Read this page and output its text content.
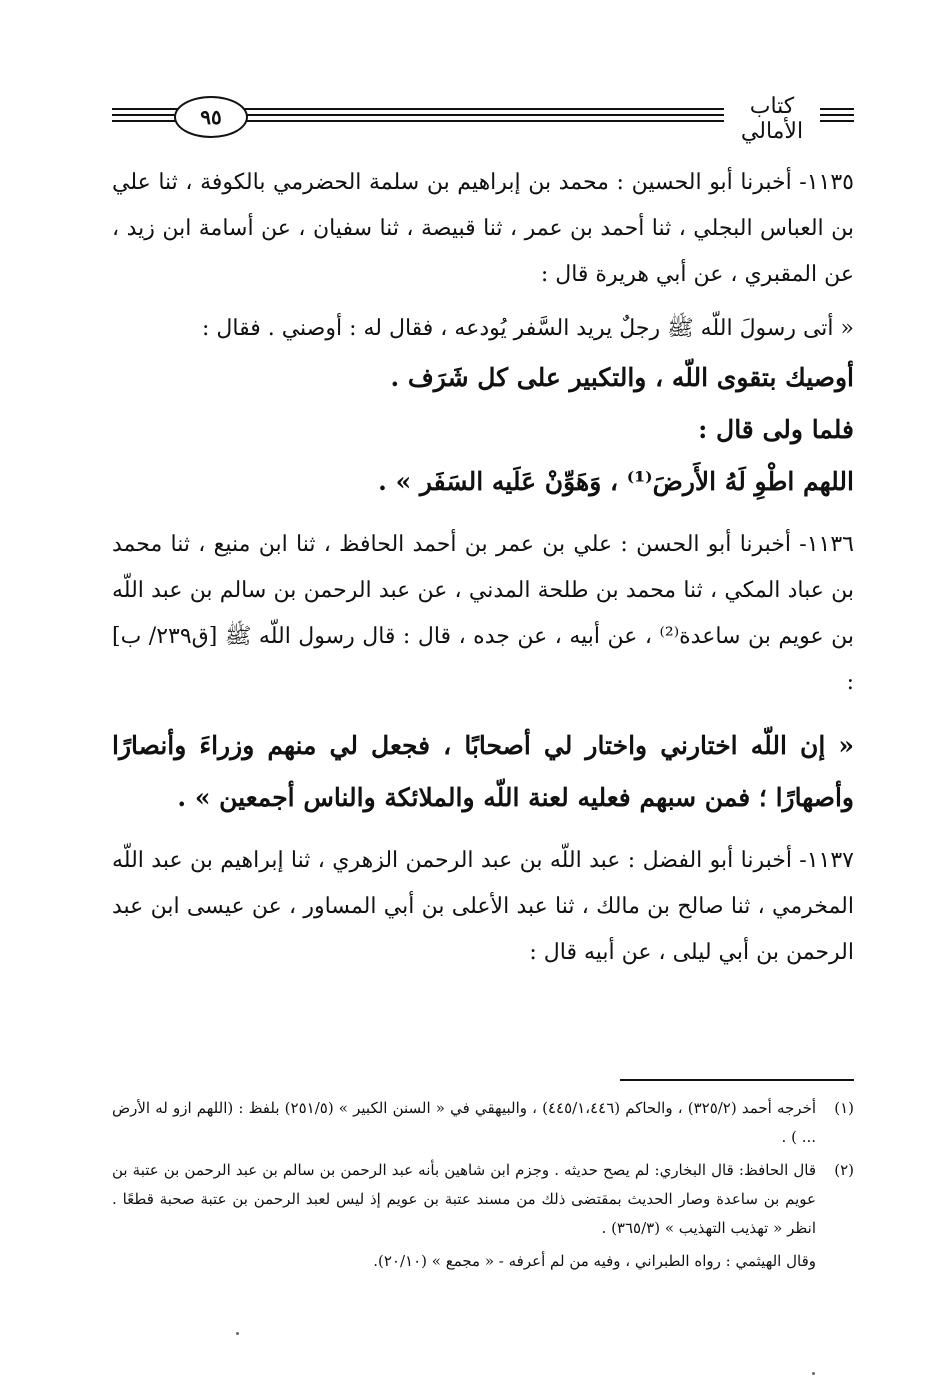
٩٥	كتاب الأمالي

١١٣٥- أخبرنا أبو الحسين : محمد بن إبراهيم بن سلمة الحضرمي بالكوفة ، ثنا علي بن العباس البجلي ، ثنا أحمد بن عمر ، ثنا قبيصة ، ثنا سفيان ، عن أسامة ابن زيد ، عن المقبري ، عن أبي هريرة قال :

« أتى رسولَ اللّه ﷺ رجلٌ يريد السَّفر يُودعه ، فقال له : أوصني . فقال :

أوصيك بتقوى اللّه ، والتكبير على كل شَرَف .

فلما ولى قال :

اللهم اطْوِ لَهُ الأَرضَ⁽¹⁾ ، وَهَوِّنْ عَلَيه السَفَر » .

١١٣٦- أخبرنا أبو الحسن : علي بن عمر بن أحمد الحافظ ، ثنا ابن منيع ، ثنا محمد بن عباد المكي ، ثنا محمد بن طلحة المدني ، عن عبد الرحمن بن سالم بن عبد اللّه بن عويم بن ساعدة⁽²⁾ ، عن أبيه ، عن جده ، قال : قال رسول اللّه ﷺ [ق٢٣٩/ ب] :

« إن اللّه اختارني واختار لي أصحابًا ، فجعل لي منهم وزراءَ وأنصارًا وأصهارًا ؛ فمن سبهم فعليه لعنة اللّه والملائكة والناس أجمعين » .

١١٣٧- أخبرنا أبو الفضل : عبد اللّه بن عبد الرحمن الزهري ، ثنا إبراهيم بن عبد اللّه المخرمي ، ثنا صالح بن مالك ، ثنا عبد الأعلى بن أبي المساور ، عن عيسى ابن عبد الرحمن بن أبي ليلى ، عن أبيه قال :

(١)
أخرجه أحمد (٣٢٥/٢) ، والحاكم (٤٤٥/١،٤٤٦) ، والبيهقي في « السنن الكبير » (٢٥١/٥) بلفظ : (اللهم ازو له الأرض ... ) .
(٢)
قال الحافظ: قال البخاري: لم يصح حديثه . وجزم ابن شاهين بأنه عبد الرحمن بن سالم بن عبد الرحمن بن عتبة بن عويم بن ساعدة وصار الحديث بمقتضى ذلك من مسند عتبة بن عويم إذ ليس لعبد الرحمن بن عتبة صحبة قطعًا . انظر « تهذيب التهذيب » (٣٦٥/٣) .

وقال الهيثمي : رواه الطبراني ، وفيه من لم أعرفه - « مجمع » (٢٠/١٠).
